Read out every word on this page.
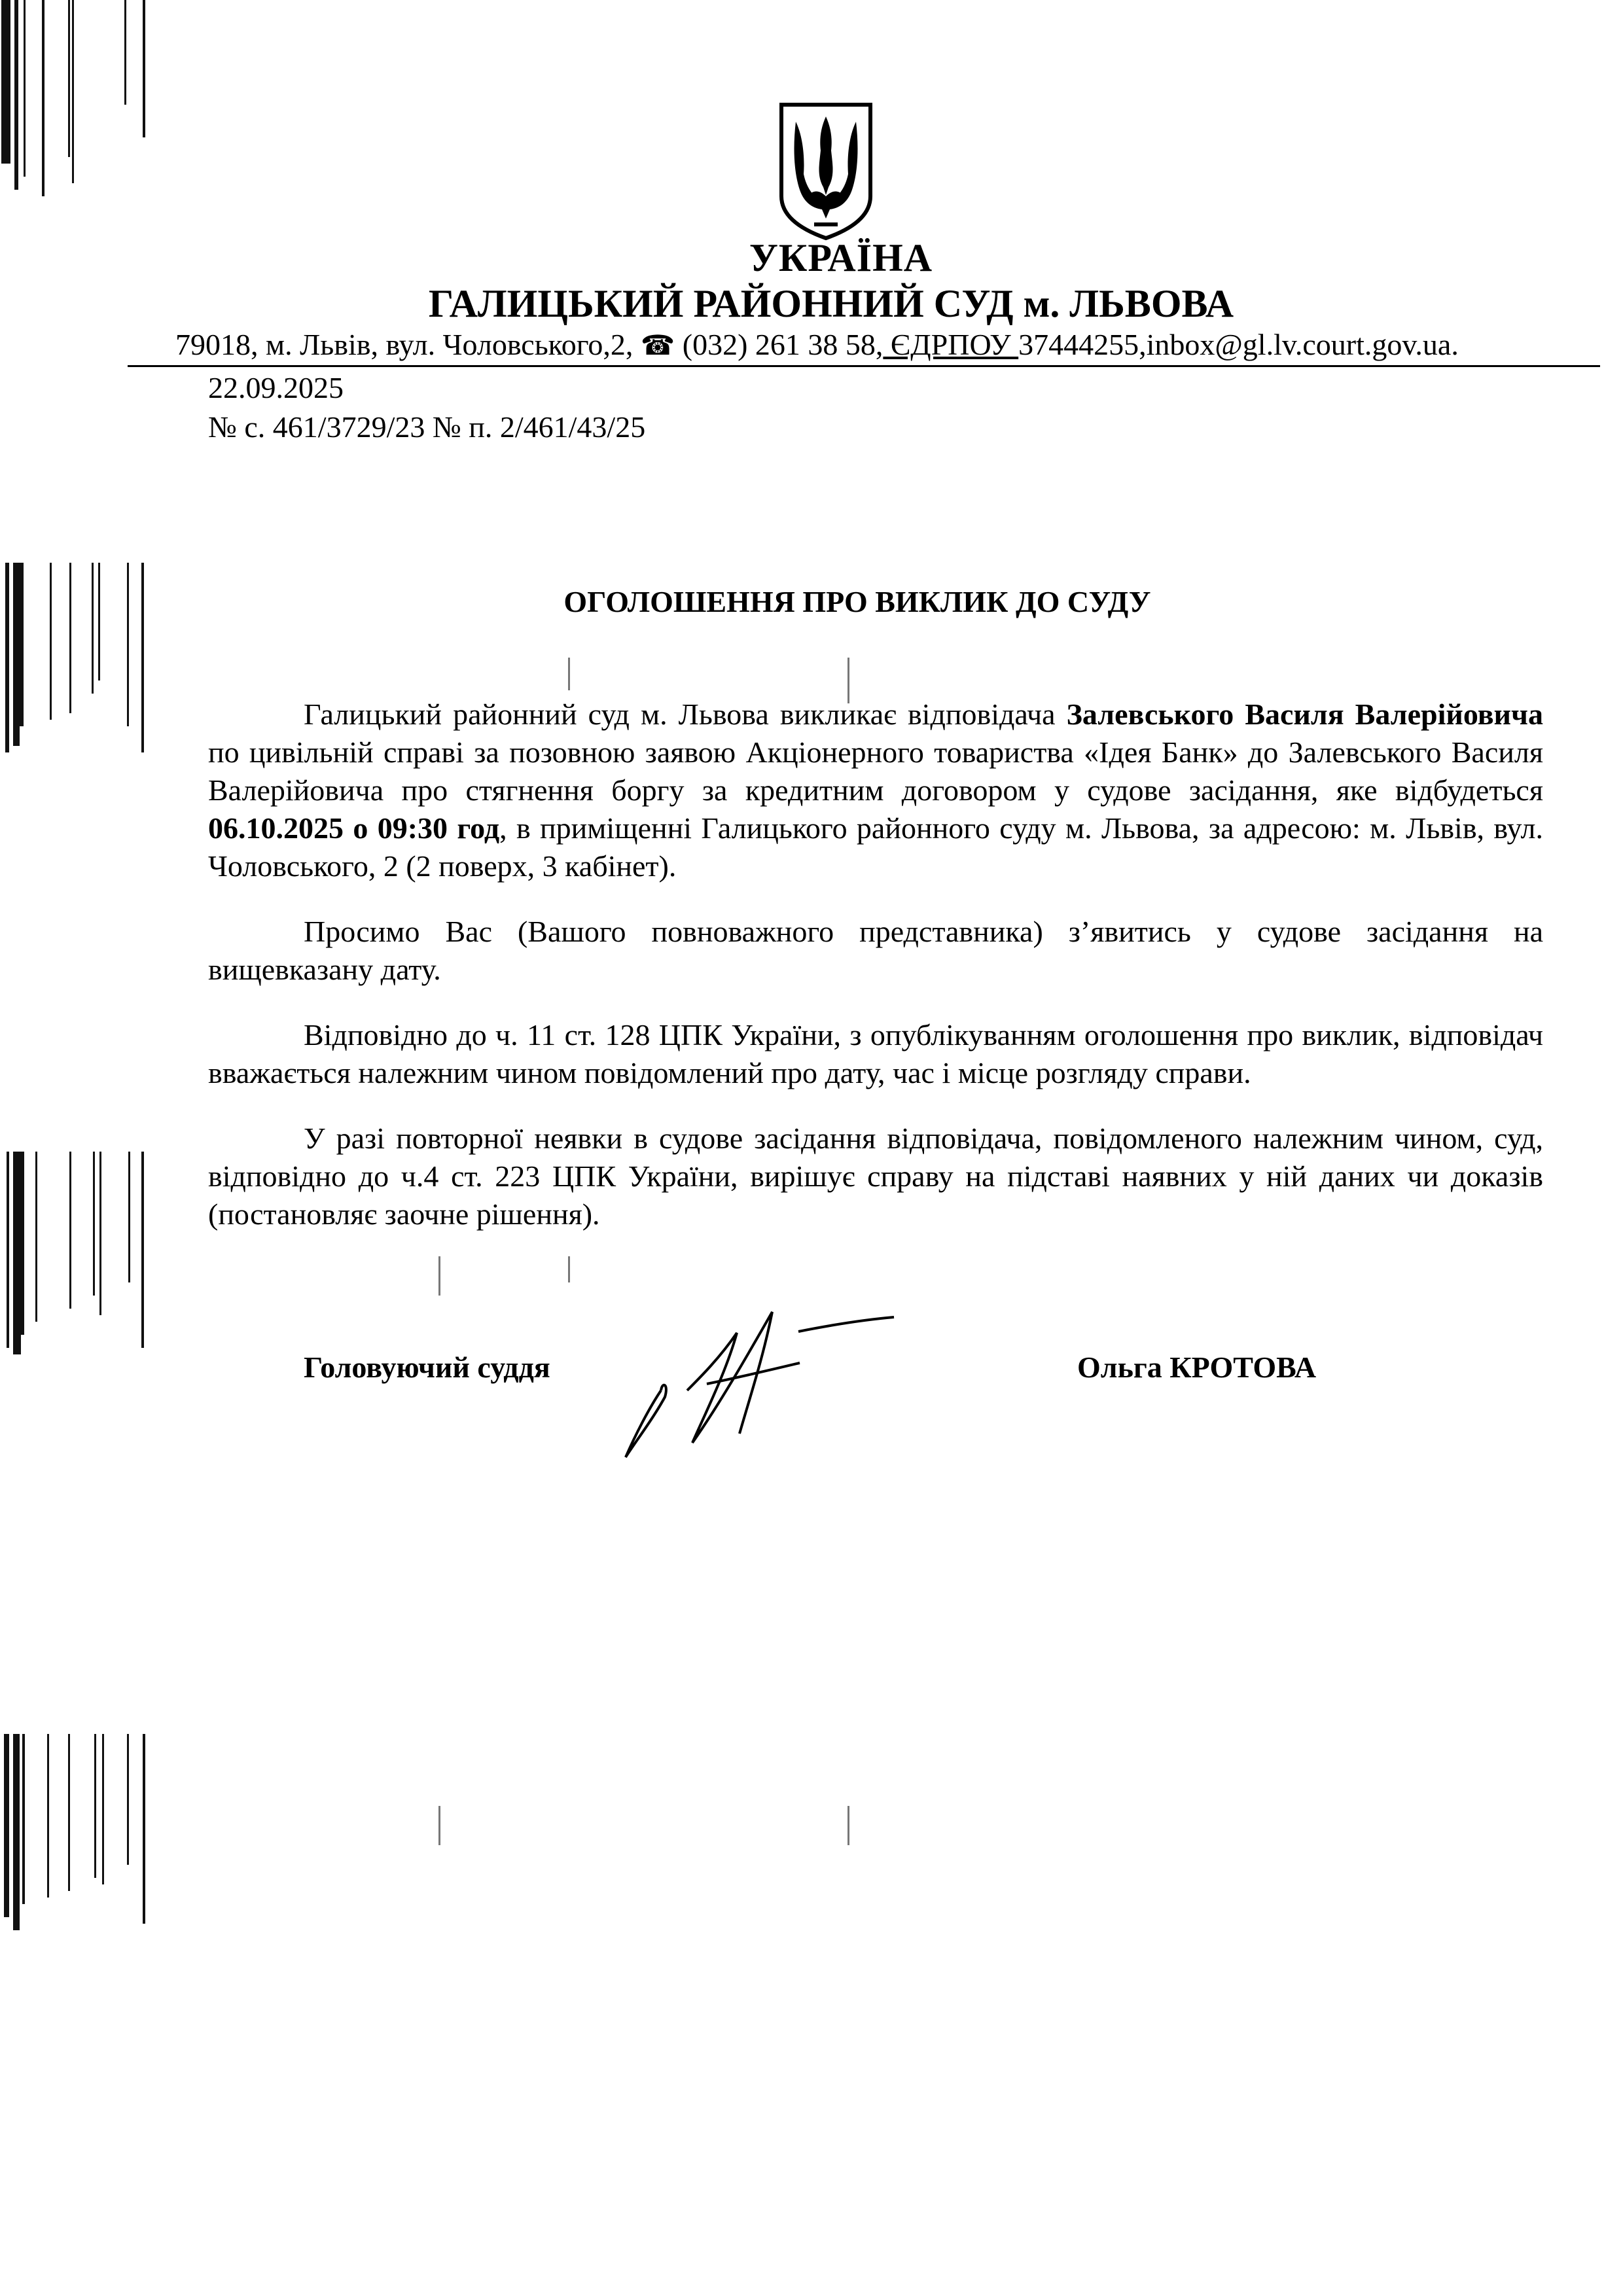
УКРАЇНА
ГАЛИЦЬКИЙ РАЙОННИЙ СУД м. ЛЬВОВА
79018, м. Львів, вул. Чоловського,2, ☎ (032) 261 38 58, ЄДРПОУ 37444255,inbox@gl.lv.court.gov.ua.
22.09.2025
№ с. 461/3729/23 № п. 2/461/43/25
ОГОЛОШЕННЯ ПРО ВИКЛИК ДО СУДУ

Галицький районний суд м. Львова викликає відповідача Залевського Василя Валерійовича по цивільній справі за позовною заявою Акціонерного товариства «Ідея Банк» до Залевського Василя Валерійовича про стягнення боргу за кредитним договором у судове засідання, яке відбудеться 06.10.2025 о 09:30 год, в приміщенні Галицького районного суду м. Львова, за адресою: м. Львів, вул. Чоловського, 2 (2 поверх, 3 кабінет).

Просимо Вас (Вашого повноважного представника) з’явитись у судове засідання на вищевказану дату.

Відповідно до ч. 11 ст. 128 ЦПК України, з опублікуванням оголошення про виклик, відповідач вважається належним чином повідомлений про дату, час і місце розгляду справи.

У разі повторної неявки в судове засідання відповідача, повідомленого належним чином, суд, відповідно до ч.4 ст. 223 ЦПК України, вирішує справу на підставі наявних у ній даних чи доказів (постановляє заочне рішення).

Головуючий суддя	Ольга КРОТОВА
